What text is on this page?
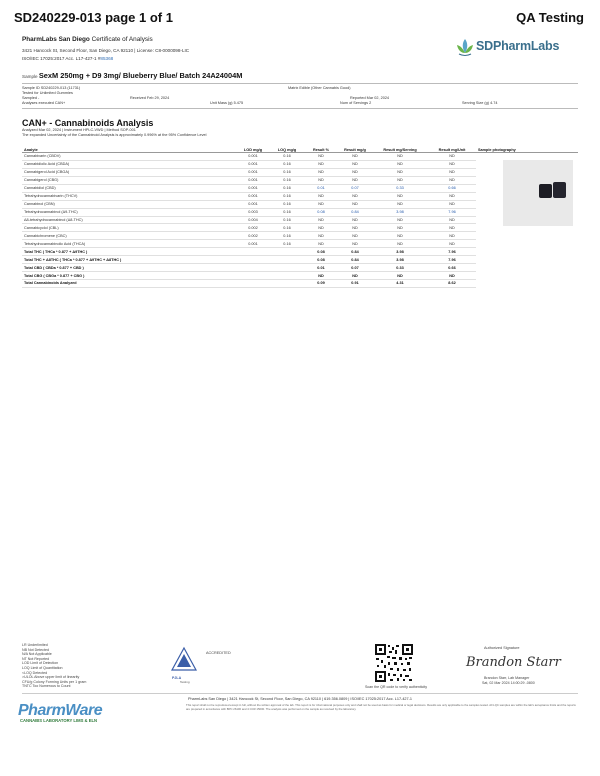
SD240229-013 page 1 of 1	QA Testing
PharmLabs San Diego Certificate of Analysis
3421 Hancock St, Second Floor, San Diego, CA 92110 | License: C8-0000098-LIC
ISO/IEC 17025:2017 Acc. L17-427-1 #85368
SDPharmLabs
Sample SexM 250mg + D9 3mg/ Blueberry Blue/ Batch 24A24004M
Sample ID SD240229-013 (11731)
Tested for Unlimited Gummies
Sampled -
Analyses executed CAN+
Matrix Edible (Other Cannabis Good)
Received Feb 29, 2024	Reported Mar 02, 2024
Unit Mass (g) 5.475	Num of Servings 2	Serving Size (g) 4.74
CAN+ - Cannabinoids Analysis
Analyzed Mar 02, 2024 | Instrument HPLC-VWD | Method SOP-001
The expanded Uncertainty of the Cannabinoid Analysis is approximately 0.996% at the 95% Confidence Level
Analyte	LOD mg/g	LOQ mg/g	Result %	Result mg/g	Result mg/Serving	Result mg/Unit	Sample photography
Cannabivarin (CBDV)	0.001	0.16	ND	ND	ND	ND	
Cannabidiolic Acid (CBDA)	0.001	0.16	ND	ND	ND	ND	
Cannabigerol Acid (CBGA)	0.001	0.16	ND	ND	ND	ND	
Cannabigerol (CBG)	0.001	0.16	ND	ND	ND	ND	
Cannabidiol (CBD)	0.001	0.16	0.01	0.07	0.33	0.66	
Tetrahydrocannabivarin (THCV)	0.001	0.16	ND	ND	ND	ND	
Cannabinol (CBN)	0.001	0.16	ND	ND	ND	ND	
Tetrahydrocannabinol (Δ9-THC)	0.003	0.16	0.08	0.84	3.98	7.96	
Δ8-tetrahydrocannabinol (Δ8-THC)	0.004	0.16	ND	ND	ND	ND	
Cannabicyclol (CBL)	0.002	0.16	ND	ND	ND	ND	
Cannabichromene (CBC)	0.002	0.16	ND	ND	ND	ND	
Tetrahydrocannabinolic Acid (THCA)	0.001	0.16	ND	ND	ND	ND	
Total THC ( THCa * 0.877 + Δ9THC )			0.08	0.84	3.98	7.96	
Total THC + Δ8THC ( THCa * 0.877 + Δ9THC + Δ8THC )			0.08	0.84	3.98	7.96	
Total CBD ( CBDa * 0.877 + CBD )			0.01	0.07	0.33	0.66	
Total CBG ( CBGa * 0.877 + CBG )			ND	ND	ND	ND	
Total Cannabinoids Analyzed			0.09	0.91	4.31	8.62	
LR Underlimited
NB Not Detected
N/A Not Applicable
NT Not Reported
LOD Limit of Detection
LOQ Limit of Quantitation
<LOQ Detected
>ULOL Above upper limit of linearity
CFU/g Colony Forming Units per 1 gram
TNTC Too Numerous to Count
PJLA
Testing
ACCREDITED
Scan the QR code to verify authenticity
Authorized Signature
Brandon Starr
Brandon Starr, Lab Manager
Sat, 02 Mar 2024 14:00:29 -0800
PharmLabs San Diego | 3421 Hancock St, Second Floor, San Diego, CA 92110 | 619.356.0809 | ISO/IEC 17025:2017 Acc. L17-427-1
This report shall not be reproduced except in full, without the written approval of the lab. This report is for informational purposes only and shall not be used as basis for medical or legal decisions. Results are only applicable to the samples tested. All LQC samples are within the lab's acceptance limits and the reports are prepared in accordance with BPC 26100 and 4 CCR 15000. The analysis was performed on the sample as received by the laboratory.
PharmWare
CANNABIS LABORATORY LIMS & ELN
